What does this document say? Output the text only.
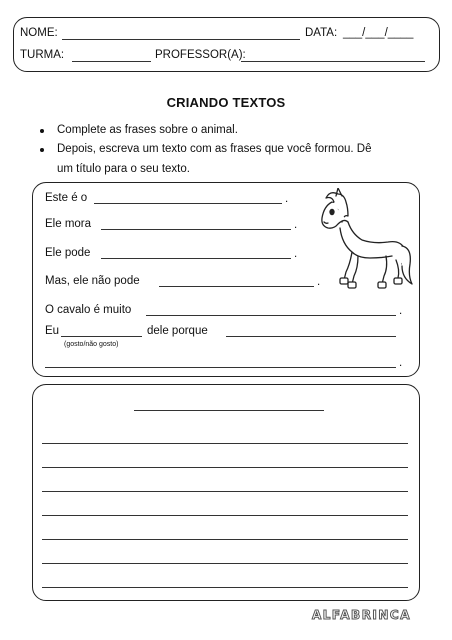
NOME:	DATA: ___/___/____
TURMA:	PROFESSOR(A):
CRIANDO TEXTOS
Complete as frases sobre o animal.
Depois, escreva um texto com as frases que você formou. Dê
um título para o seu texto.
Este é o	.
Ele mora	.
Ele pode	.
Mas, ele não pode	.
O cavalo é muito	.
Eu	dele porque
(gosto/não gosto)
.
ALFABRINCA
